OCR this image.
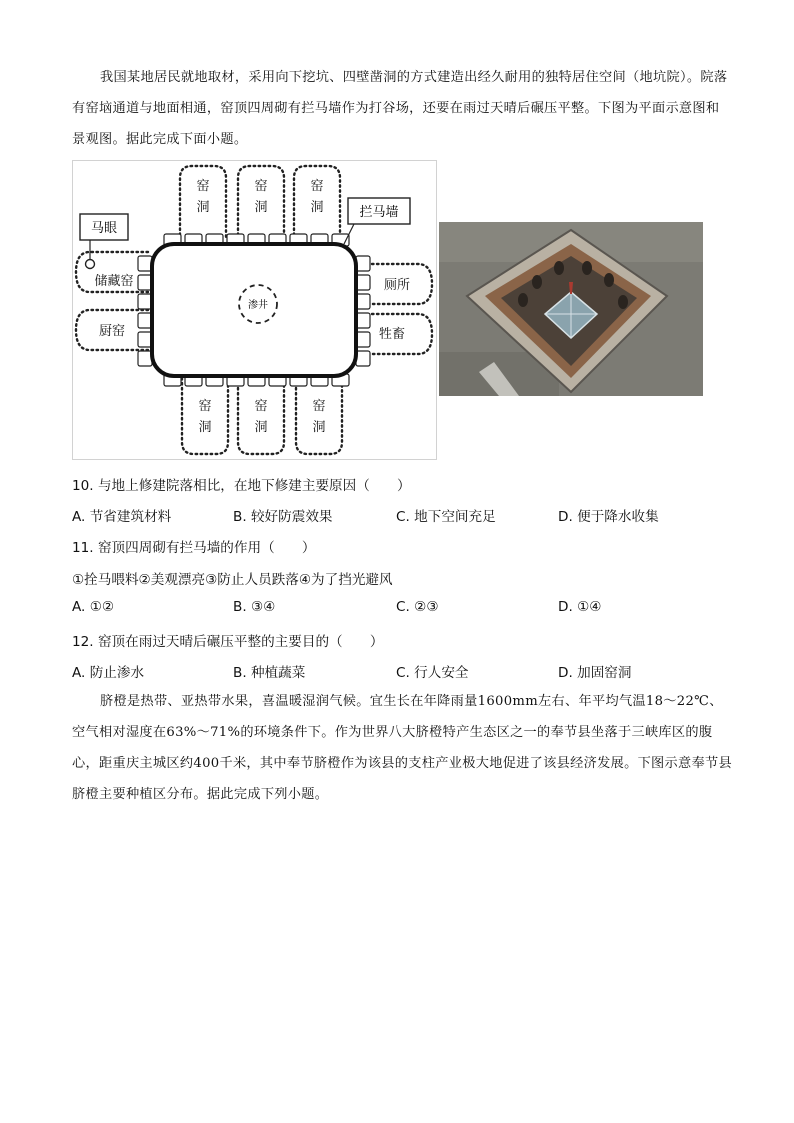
我国某地居民就地取材，采用向下挖坑、四壁凿洞的方式建造出经久耐用的独特居住空间（地坑院）。院落有窑垴通道与地面相通，窑顶四周砌有拦马墙作为打谷场，还要在雨过天晴后碾压平整。下图为平面示意图和景观图。据此完成下面小题。

渗井
窑
洞
窑
洞
窑
洞
窑
洞
窑
洞
窑
洞
储藏窑
厨窑
厕所
牲畜
马眼
拦马墙

10. 与地上修建院落相比，在地下修建主要原因（　　）

A. 节省建筑材料	B. 较好防震效果	C. 地下空间充足	D. 便于降水收集

11. 窑顶四周砌有拦马墙的作用（　　）

①拴马喂料②美观漂亮③防止人员跌落④为了挡光避风

A. ①②	B. ③④	C. ②③	D. ①④

12. 窑顶在雨过天晴后碾压平整的主要目的（　　）

A. 防止渗水	B. 种植蔬菜	C. 行人安全	D. 加固窑洞

脐橙是热带、亚热带水果，喜温暖湿润气候。宜生长在年降雨量1600mm左右、年平均气温18～22℃、空气相对湿度在63%～71%的环境条件下。作为世界八大脐橙特产生态区之一的奉节县坐落于三峡库区的腹心，距重庆主城区约400千米，其中奉节脐橙作为该县的支柱产业极大地促进了该县经济发展。下图示意奉节县脐橙主要种植区分布。据此完成下列小题。
